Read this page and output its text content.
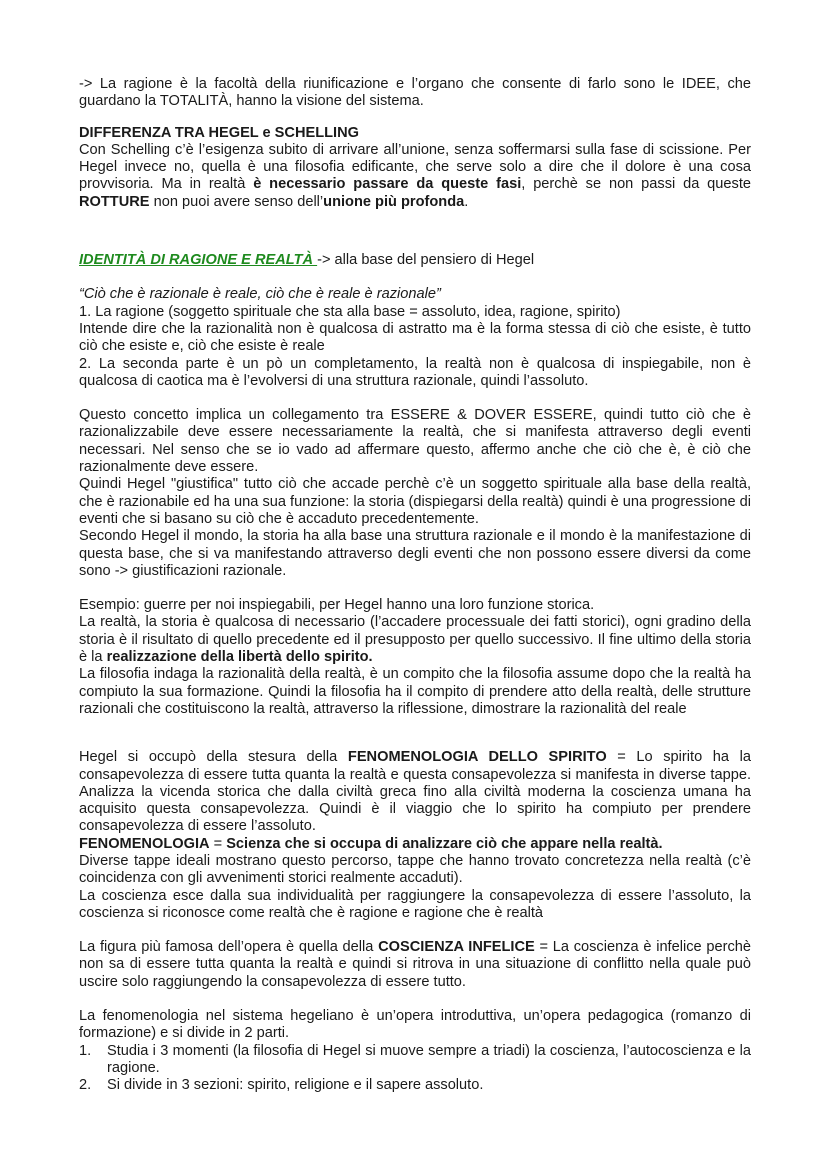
-> La ragione è la facoltà della riunificazione e l’organo che consente di farlo sono le IDEE, che guardano la TOTALITÀ, hanno la visione del sistema.

DIFFERENZA TRA HEGEL e SCHELLING

Con Schelling c’è l’esigenza subito di arrivare all’unione, senza soffermarsi sulla fase di scissione. Per Hegel invece no, quella è una filosofia edificante, che serve solo a dire che il dolore è una cosa provvisoria. Ma in realtà è necessario passare da queste fasi, perchè se non passi da queste ROTTURE non puoi avere senso dell’unione più profonda.

IDENTITÀ DI RAGIONE E REALTÀ -> alla base del pensiero di Hegel

“Ciò che è razionale è reale, ciò che è reale è razionale”

1. La ragione (soggetto spirituale che sta alla base = assoluto, idea, ragione, spirito)

Intende dire che la razionalità non è qualcosa di astratto ma è la forma stessa di ciò che esiste, è tutto ciò che esiste e, ciò che esiste è reale

2. La seconda parte è un pò un completamento, la realtà non è qualcosa di inspiegabile, non è qualcosa di caotica ma è l’evolversi di una struttura razionale, quindi l’assoluto.

Questo concetto implica un collegamento tra ESSERE & DOVER ESSERE, quindi tutto ciò che è razionalizzabile deve essere necessariamente la realtà, che si manifesta attraverso degli eventi necessari. Nel senso che se io vado ad affermare questo, affermo anche che ciò che è, è ciò che razionalmente deve essere.

Quindi Hegel "giustifica" tutto ciò che accade perchè c’è un soggetto spirituale alla base della realtà, che è razionabile ed ha una sua funzione: la storia (dispiegarsi della realtà) quindi è una progressione di eventi che si basano su ciò che è accaduto precedentemente.

Secondo Hegel il mondo, la storia ha alla base una struttura razionale e il mondo è la manifestazione di questa base, che si va manifestando attraverso degli eventi che non possono essere diversi da come sono -> giustificazioni razionale.

Esempio: guerre per noi inspiegabili, per Hegel hanno una loro funzione storica.

La realtà, la storia è qualcosa di necessario (l’accadere processuale dei fatti storici), ogni gradino della storia è il risultato di quello precedente ed il presupposto per quello successivo. Il fine ultimo della storia è la realizzazione della libertà dello spirito.

La filosofia indaga la razionalità della realtà, è un compito che la filosofia assume dopo che la realtà ha compiuto la sua formazione. Quindi la filosofia ha il compito di prendere atto della realtà, delle strutture razionali che costituiscono la realtà, attraverso la riflessione, dimostrare la razionalità del reale

Hegel si occupò della stesura della FENOMENOLOGIA DELLO SPIRITO = Lo spirito ha la consapevolezza di essere tutta quanta la realtà e questa consapevolezza si manifesta in diverse tappe. Analizza la vicenda storica che dalla civiltà greca fino alla civiltà moderna la coscienza umana ha acquisito questa consapevolezza. Quindi è il viaggio che lo spirito ha compiuto per prendere consapevolezza di essere l’assoluto.

FENOMENOLOGIA = Scienza che si occupa di analizzare ciò che appare nella realtà.

Diverse tappe ideali mostrano questo percorso, tappe che hanno trovato concretezza nella realtà (c’è coincidenza con gli avvenimenti storici realmente accaduti).

La coscienza esce dalla sua individualità per raggiungere la consapevolezza di essere l’assoluto, la coscienza si riconosce come realtà che è ragione e ragione che è realtà

La figura più famosa dell’opera è quella della COSCIENZA INFELICE = La coscienza è infelice perchè non sa di essere tutta quanta la realtà e quindi si ritrova in una situazione di conflitto nella quale può uscire solo raggiungendo la consapevolezza di essere tutto.

La fenomenologia nel sistema hegeliano è un’opera introduttiva, un’opera pedagogica (romanzo di formazione) e si divide in 2 parti.

1. Studia i 3 momenti (la filosofia di Hegel si muove sempre a triadi) la coscienza, l’autocoscienza e la ragione.
2. Si divide in 3 sezioni: spirito, religione e il sapere assoluto.
